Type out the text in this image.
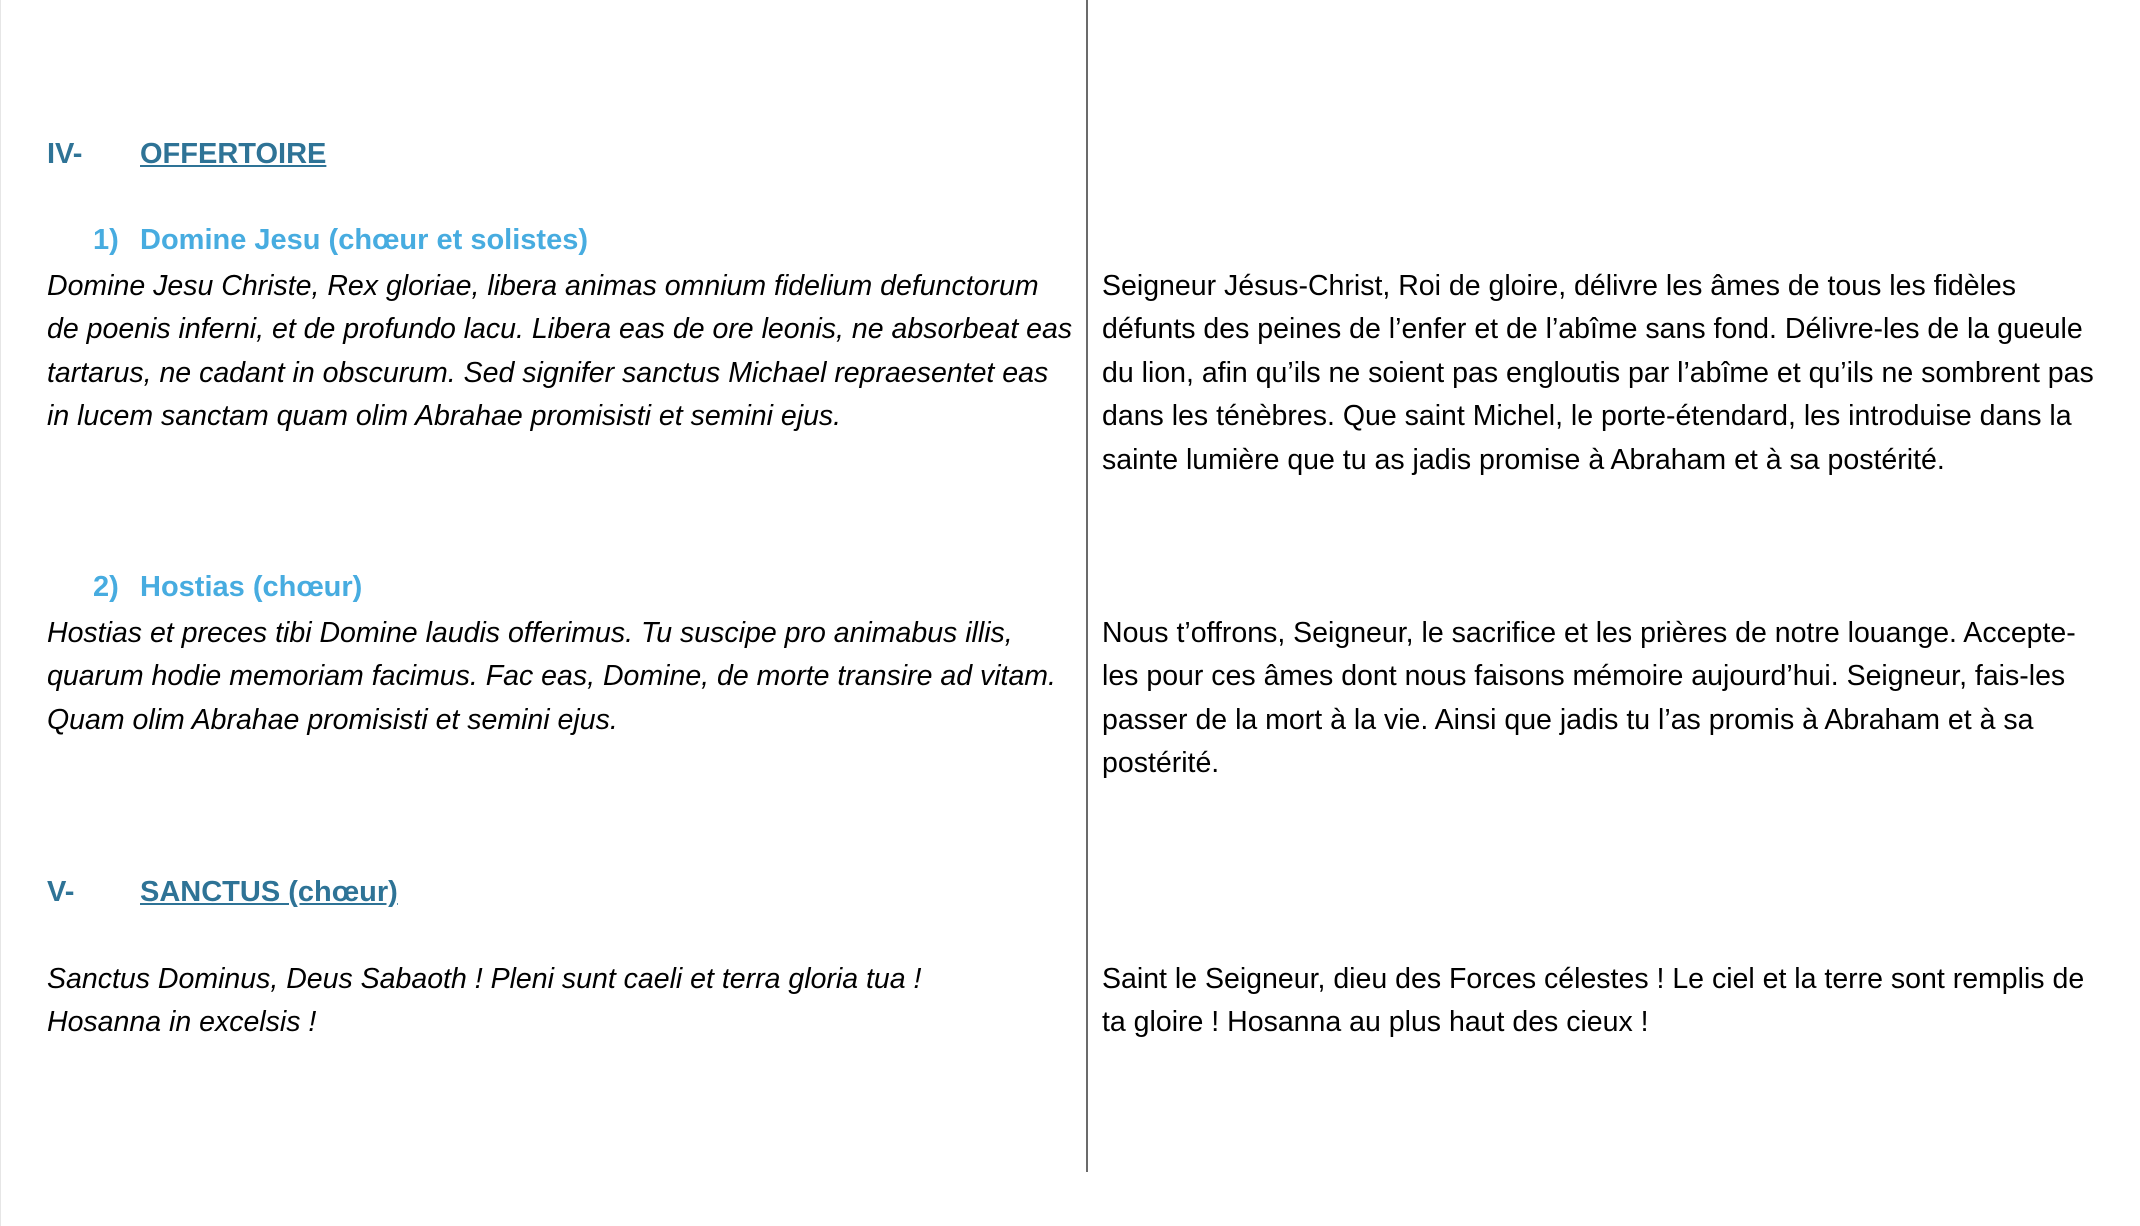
IV- OFFERTOIRE
1) Domine Jesu (chœur et solistes)

Domine Jesu Christe, Rex gloriae, libera animas omnium fidelium defunctorum de poenis inferni, et de profundo lacu. Libera eas de ore leonis, ne absorbeat eas tartarus, ne cadant in obscurum. Sed signifer sanctus Michael repraesentet eas in lucem sanctam quam olim Abrahae promisisti et semini ejus.

Seigneur Jésus-Christ, Roi de gloire, délivre les âmes de tous les fidèles défunts des peines de l’enfer et de l’abîme sans fond. Délivre-les de la gueule du lion, afin qu’ils ne soient pas engloutis par l’abîme et qu’ils ne sombrent pas dans les ténèbres. Que saint Michel, le porte-étendard, les introduise dans la sainte lumière que tu as jadis promise à Abraham et à sa postérité.

2) Hostias (chœur)

Hostias et preces tibi Domine laudis offerimus. Tu suscipe pro animabus illis, quarum hodie memoriam facimus. Fac eas, Domine, de morte transire ad vitam. Quam olim Abrahae promisisti et semini ejus.

Nous t’offrons, Seigneur, le sacrifice et les prières de notre louange. Accepte-les pour ces âmes dont nous faisons mémoire aujourd’hui. Seigneur, fais-les passer de la mort à la vie. Ainsi que jadis tu l’as promis à Abraham et à sa postérité.

V- SANCTUS (chœur)

Sanctus Dominus, Deus Sabaoth ! Pleni sunt caeli et terra gloria tua ! Hosanna in excelsis !

Saint le Seigneur, dieu des Forces célestes ! Le ciel et la terre sont remplis de ta gloire ! Hosanna au plus haut des cieux !
